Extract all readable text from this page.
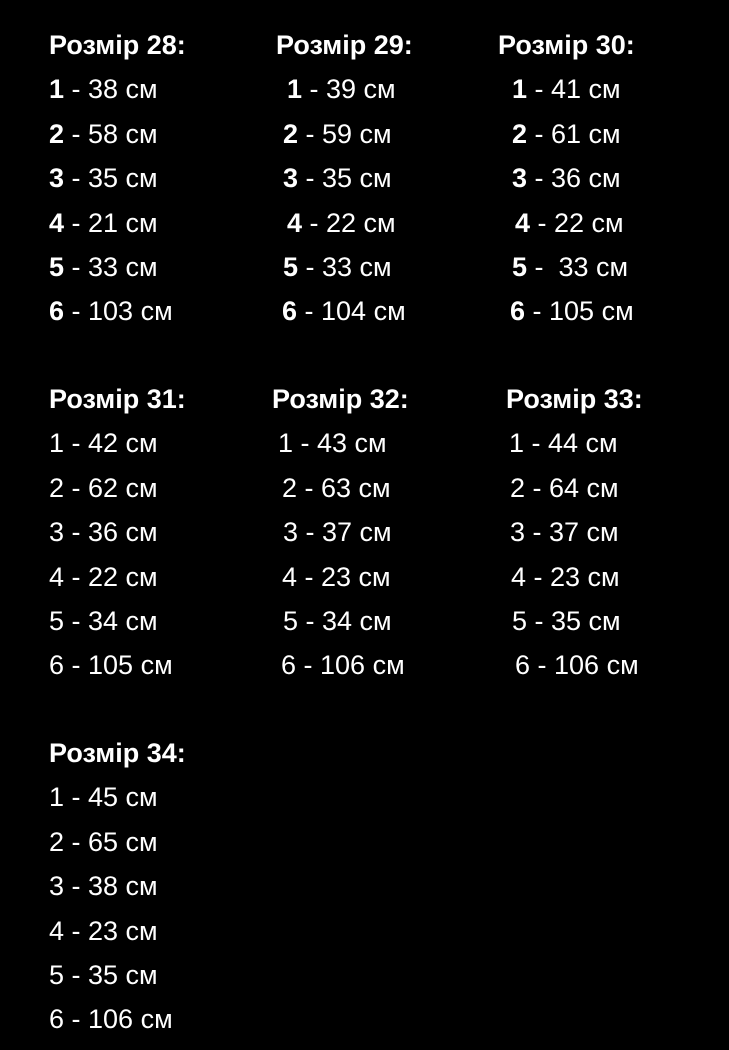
Розмір 28:
1 - 38 см
2 - 58 см
3 - 35 см
4 - 21 см
5 - 33 см
6 - 103 см
Розмір 29:
1 - 39 см
2 - 59 см
3 - 35 см
4 - 22 см
5 - 33 см
6 - 104 см
Розмір 30:
1 - 41 см
2 - 61 см
3 - 36 см
4 - 22 см
5 -  33 см
6 - 105 см
Розмір 31:
1 - 42 см
2 - 62 см
3 - 36 см
4 - 22 см
5 - 34 см
6 - 105 см
Розмір 32:
1 - 43 см
2 - 63 см
3 - 37 см
4 - 23 см
5 - 34 см
6 - 106 см
Розмір 33:
1 - 44 см
2 - 64 см
3 - 37 см
4 - 23 см
5 - 35 см
6 - 106 см
Розмір 34:
1 - 45 см
2 - 65 см
3 - 38 см
4 - 23 см
5 - 35 см
6 - 106 см
